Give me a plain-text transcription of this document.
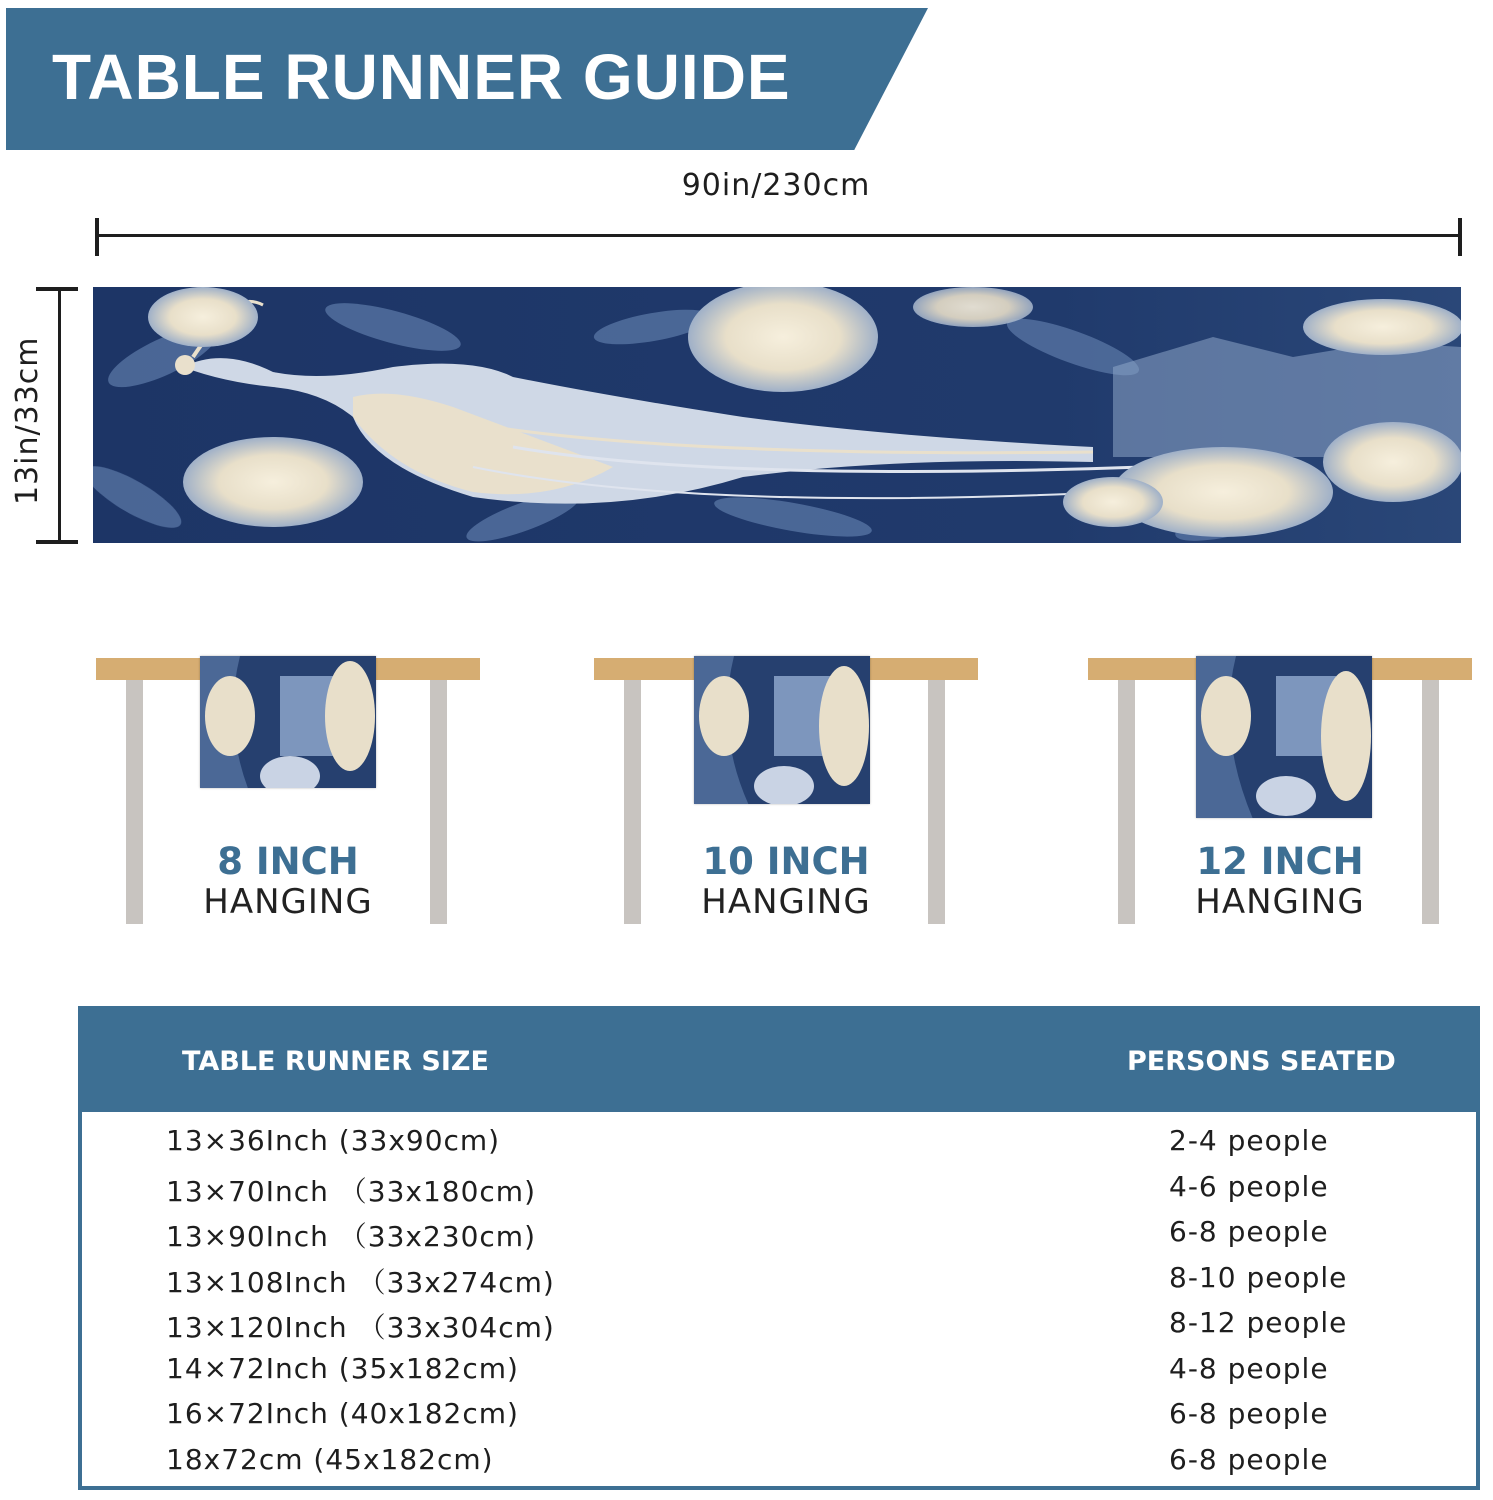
TABLE RUNNER GUIDE
90in/230cm
13in/33cm
8 INCH
HANGING
10 INCH
HANGING
12 INCH
HANGING
TABLE RUNNER SIZE	PERSONS SEATED
13×36Inch (33x90cm)	2-4 people
13×70Inch （33x180cm)	4-6 people
13×90Inch （33x230cm)	6-8 people
13×108Inch （33x274cm)	8-10 people
13×120Inch （33x304cm)	8-12 people
14×72Inch (35x182cm)	4-8 people
16×72Inch (40x182cm)	6-8 people
18x72cm (45x182cm)	6-8 people
